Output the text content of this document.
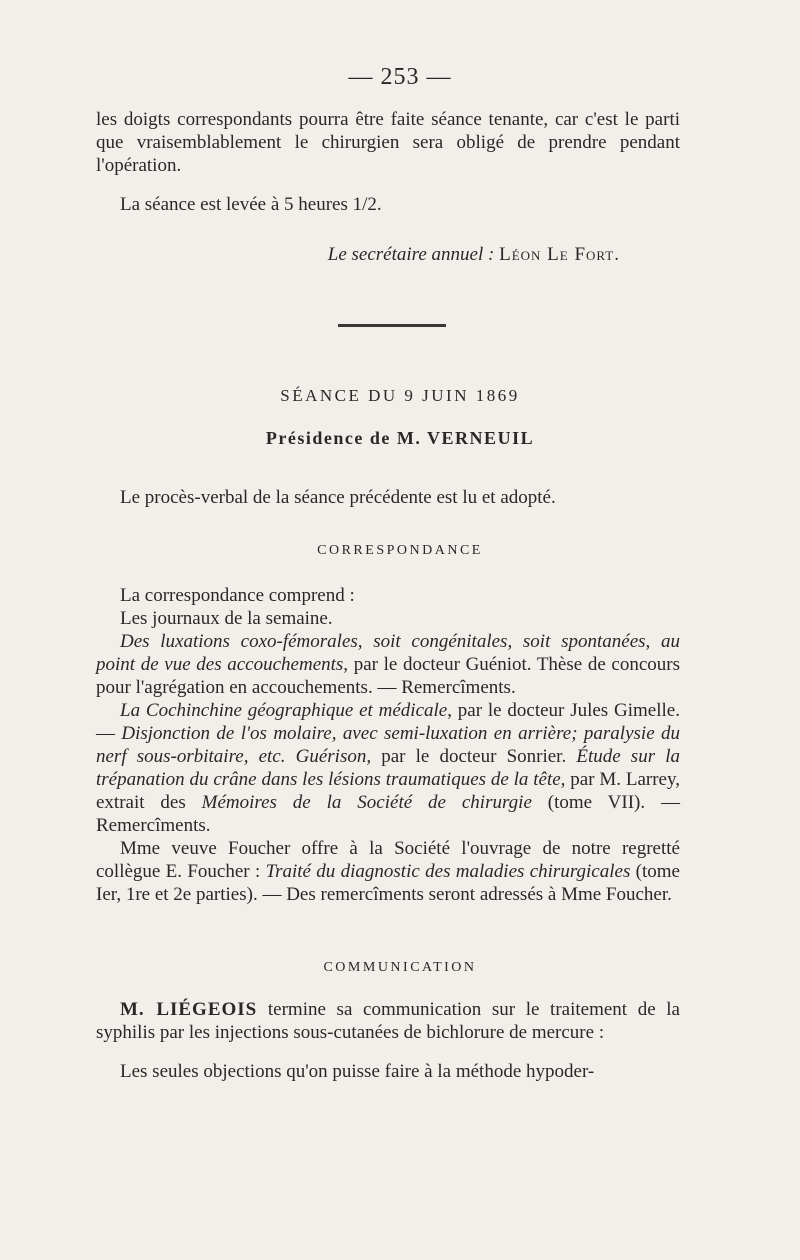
— 253 —

les doigts correspondants pourra être faite séance tenante, car c'est le parti que vraisemblablement le chirurgien sera obligé de prendre pendant l'opération.

La séance est levée à 5 heures 1/2.

Le secrétaire annuel : Léon Le Fort.
SÉANCE DU 9 JUIN 1869
Présidence de M. VERNEUIL
Le procès-verbal de la séance précédente est lu et adopté.
CORRESPONDANCE

La correspondance comprend :

Les journaux de la semaine.

Des luxations coxo-fémorales, soit congénitales, soit spontanées, au point de vue des accouchements, par le docteur Guéniot. Thèse de concours pour l'agrégation en accouchements. — Remercîments.

La Cochinchine géographique et médicale, par le docteur Jules Gimelle. — Disjonction de l'os molaire, avec semi-luxation en arrière; paralysie du nerf sous-orbitaire, etc. Guérison, par le docteur Sonrier. Étude sur la trépanation du crâne dans les lésions traumatiques de la tête, par M. Larrey, extrait des Mémoires de la Société de chirurgie (tome VII). — Remercîments.

Mme veuve Foucher offre à la Société l'ouvrage de notre regretté collègue E. Foucher : Traité du diagnostic des maladies chirurgicales (tome Ier, 1re et 2e parties). — Des remercîments seront adressés à Mme Foucher.

COMMUNICATION

M. LIÉGEOIS termine sa communication sur le traitement de la syphilis par les injections sous-cutanées de bichlorure de mercure :

Les seules objections qu'on puisse faire à la méthode hypoder-
